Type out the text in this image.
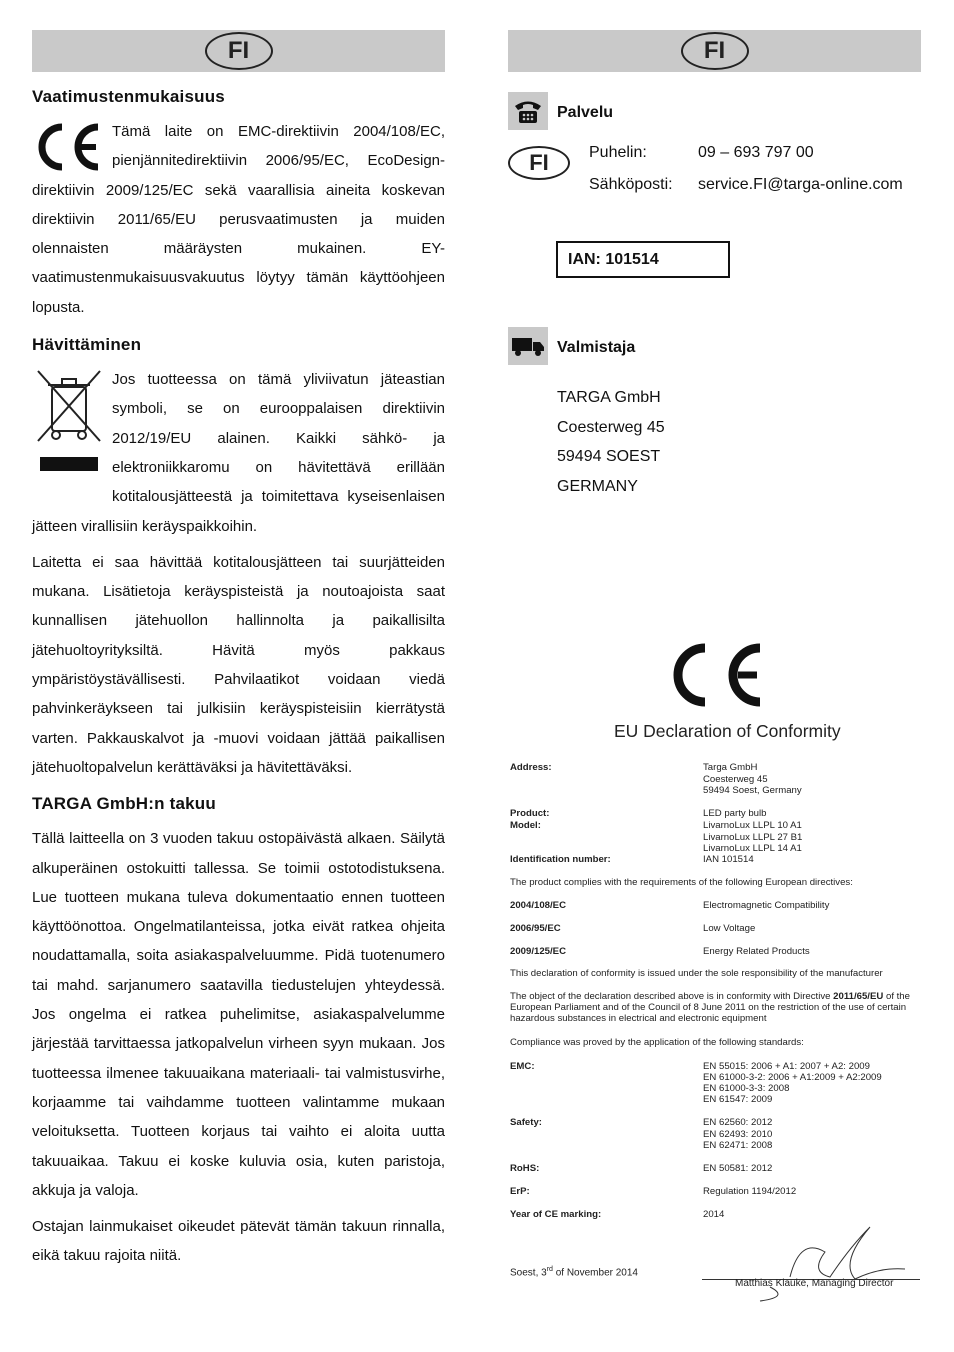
FI
Vaatimustenmukaisuus

Tämä laite on EMC-direktiivin 2004/108/EC, pienjännitedirektiivin 2006/95/EC, EcoDesign-direktiivin 2009/125/EC sekä vaarallisia aineita koskevan direktiivin 2011/65/EU perusvaatimusten ja muiden olennaisten määräysten mukainen. EY-vaatimustenmukaisuusvakuutus löytyy tämän käyttöohjeen lopusta.

Hävittäminen

Jos tuotteessa on tämä yliviivatun jäteastian symboli, se on eurooppalaisen direktiivin 2012/19/EU alainen. Kaikki sähkö- ja elektroniikkaromu on hävitettävä erillään kotitalousjätteestä ja toimitettava kyseisenlaisen jätteen virallisiin keräyspaikkoihin.

Laitetta ei saa hävittää kotitalousjätteen tai suurjätteiden mukana. Lisätietoja keräyspisteistä ja noutoajoista saat kunnallisen jätehuollon hallinnolta ja paikallisilta jätehuoltoyrityksiltä. Hävitä myös pakkaus ympäristöystävällisesti. Pahvilaatikot voidaan viedä pahvinkeräykseen tai julkisiin keräyspisteisiin kierrätystä varten. Pakkauskalvot ja -muovi voidaan jättää paikallisen jätehuoltopalvelun kerättäväksi ja hävitettäväksi.

TARGA GmbH:n takuu

Tällä laitteella on 3 vuoden takuu ostopäivästä alkaen. Säilytä alkuperäinen ostokuitti tallessa. Se toimii ostotodistuksena. Lue tuotteen mukana tuleva dokumentaatio ennen tuotteen käyttöönottoa. Ongelmatilanteissa, jotka eivät ratkea ohjeita noudattamalla, soita asiakaspalveluumme. Pidä tuotenumero tai mahd. sarjanumero saatavilla tiedustelujen yhteydessä. Jos ongelma ei ratkea puhelimitse, asiakaspalvelumme järjestää tarvittaessa jatkopalvelun virheen syyn mukaan. Jos tuotteessa ilmenee takuuaikana materiaali- tai valmistusvirhe, korjaamme tai vaihdamme tuotteen valintamme mukaan veloituksetta. Tuotteen korjaus tai vaihto ei aloita uutta takuuaikaa. Takuu ei koske kuluvia osia, kuten paristoja, akkuja ja valoja.

Ostajan lainmukaiset oikeudet pätevät tämän takuun rinnalla, eikä takuu rajoita niitä.

FI
Palvelu
FI	Puhelin:	09 – 693 797 00
Sähköposti: service.FI@targa-online.com
IAN: 101514
Valmistaja
TARGA GmbH
Coesterweg 45
59494 SOEST
GERMANY
EU Declaration of Conformity
Address:	Targa GmbH
Coesterweg 45
59494 Soest, Germany
Product:	LED party bulb
Model:	LivarnoLux LLPL 10 A1
LivarnoLux LLPL 27 B1
LivarnoLux LLPL 14 A1
Identification number:	IAN 101514
The product complies with the requirements of the following European directives:
2004/108/EC	Electromagnetic Compatibility
2006/95/EC	Low Voltage
2009/125/EC	Energy Related Products
This declaration of conformity is issued under the sole responsibility of the manufacturer
The object of the declaration described above is in conformity with Directive 2011/65/EU of the European Parliament and of the Council of 8 June 2011 on the restriction of the use of certain hazardous substances in electrical and electronic equipment
Compliance was proved by the application of the following standards:
EMC:	EN 55015: 2006 + A1: 2007 + A2: 2009
EN 61000-3-2: 2006 + A1:2009 + A2:2009
EN 61000-3-3: 2008
EN 61547: 2009
Safety:	EN 62560: 2012
EN 62493: 2010
EN 62471: 2008
RoHS:	EN 50581: 2012
ErP:	Regulation 1194/2012
Year of CE marking:	2014
Soest, 3rd of November 2014
Matthias Klauke, Managing Director
